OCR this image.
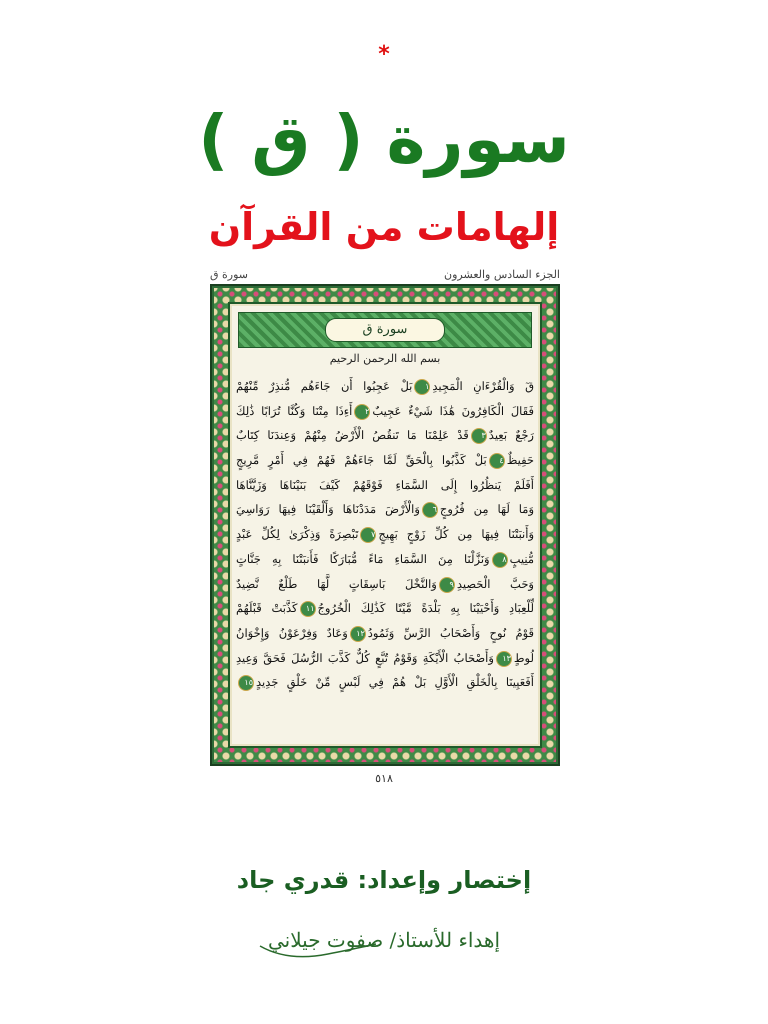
*
سورة ( ق )
إلهامات من القرآن
سورة ق	الجزء السادس والعشرون
سورة ق
بسم الله الرحمن الرحيم
قٓ وَالْقُرْءَانِ الْمَجِيدِ١بَلْ عَجِبُوا أَن جَاءَهُم مُّنذِرٌ مِّنْهُمْ
فَقَالَ الْكَافِرُونَ هَٰذَا شَيْءٌ عَجِيبٌ٢أَءِذَا مِتْنَا وَكُنَّا تُرَابًا ذَٰلِكَ
رَجْعٌ بَعِيدٌ٣قَدْ عَلِمْنَا مَا تَنقُصُ الْأَرْضُ مِنْهُمْ وَعِندَنَا كِتَابٌ
حَفِيظٌ٤بَلْ كَذَّبُوا بِالْحَقِّ لَمَّا جَاءَهُمْ فَهُمْ فِي أَمْرٍ مَّرِيجٍ
أَفَلَمْ يَنظُرُوا إِلَى السَّمَاءِ فَوْقَهُمْ كَيْفَ بَنَيْنَاهَا وَزَيَّنَّاهَا
وَمَا لَهَا مِن فُرُوجٍ٦وَالْأَرْضَ مَدَدْنَاهَا وَأَلْقَيْنَا فِيهَا رَوَاسِيَ
وَأَنبَتْنَا فِيهَا مِن كُلِّ زَوْجٍ بَهِيجٍ٧تَبْصِرَةً وَذِكْرَىٰ لِكُلِّ عَبْدٍ
مُّنِيبٍ٨وَنَزَّلْنَا مِنَ السَّمَاءِ مَاءً مُّبَارَكًا فَأَنبَتْنَا بِهِ جَنَّاتٍ
وَحَبَّ الْحَصِيدِ٩وَالنَّخْلَ بَاسِقَاتٍ لَّهَا طَلْعٌ نَّضِيدٌ
لِّلْعِبَادِ وَأَحْيَيْنَا بِهِ بَلْدَةً مَّيْتًا كَذَٰلِكَ الْخُرُوجُ١١كَذَّبَتْ قَبْلَهُمْ
قَوْمُ نُوحٍ وَأَصْحَابُ الرَّسِّ وَثَمُودُ١٢وَعَادٌ وَفِرْعَوْنُ وَإِخْوَانُ
لُوطٍ١٣وَأَصْحَابُ الْأَيْكَةِ وَقَوْمُ تُبَّعٍ كُلٌّ كَذَّبَ الرُّسُلَ فَحَقَّ وَعِيدِ
أَفَعَيِينَا بِالْخَلْقِ الْأَوَّلِ بَلْ هُمْ فِي لَبْسٍ مِّنْ خَلْقٍ جَدِيدٍ١٥
٥١٨
إختصار وإعداد: قدري جاد
إهداء للأستاذ/ صفوت جيلاني
